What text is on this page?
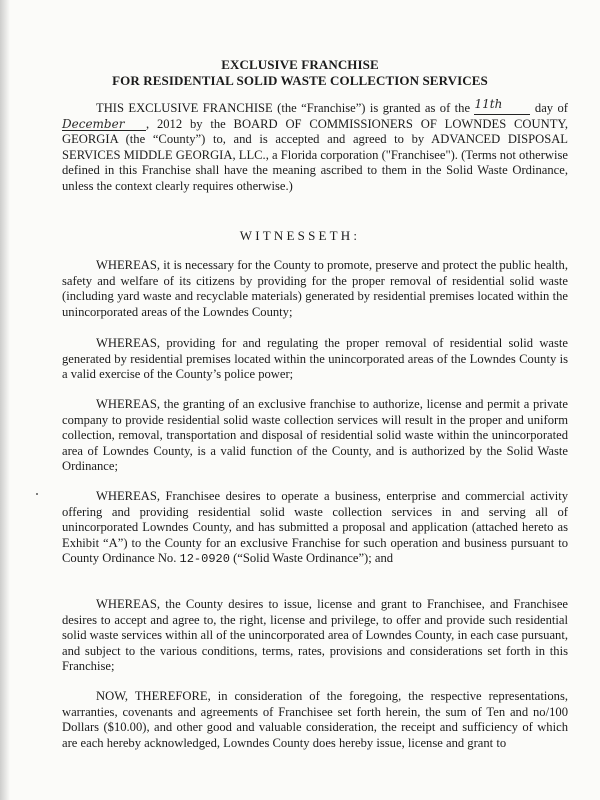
EXCLUSIVE FRANCHISE
FOR RESIDENTIAL SOLID WASTE COLLECTION SERVICES

THIS EXCLUSIVE FRANCHISE (the “Franchise”) is granted as of the 11th day of December , 2012 by the BOARD OF COMMISSIONERS OF LOWNDES COUNTY, GEORGIA (the “County”) to, and is accepted and agreed to by ADVANCED DISPOSAL SERVICES MIDDLE GEORGIA, LLC., a Florida corporation ("Franchisee"). (Terms not otherwise defined in this Franchise shall have the meaning ascribed to them in the Solid Waste Ordinance, unless the context clearly requires otherwise.)

WITNESSETH:

WHEREAS, it is necessary for the County to promote, preserve and protect the public health, safety and welfare of its citizens by providing for the proper removal of residential solid waste (including yard waste and recyclable materials) generated by residential premises located within the unincorporated areas of the Lowndes County;

WHEREAS, providing for and regulating the proper removal of residential solid waste generated by residential premises located within the unincorporated areas of the Lowndes County is a valid exercise of the County’s police power;

WHEREAS, the granting of an exclusive franchise to authorize, license and permit a private company to provide residential solid waste collection services will result in the proper and uniform collection, removal, transportation and disposal of residential solid waste within the unincorporated area of Lowndes County, is a valid function of the County, and is authorized by the Solid Waste Ordinance;

WHEREAS, Franchisee desires to operate a business, enterprise and commercial activity offering and providing residential solid waste collection services in and serving all of unincorporated Lowndes County, and has submitted a proposal and application (attached hereto as Exhibit “A”) to the County for an exclusive Franchise for such operation and business pursuant to County Ordinance No. 12-0920 (“Solid Waste Ordinance”); and

WHEREAS, the County desires to issue, license and grant to Franchisee, and Franchisee desires to accept and agree to, the right, license and privilege, to offer and provide such residential solid waste services within all of the unincorporated area of Lowndes County, in each case pursuant, and subject to the various conditions, terms, rates, provisions and considerations set forth in this Franchise;

NOW, THEREFORE, in consideration of the foregoing, the respective representations, warranties, covenants and agreements of Franchisee set forth herein, the sum of Ten and no/100 Dollars ($10.00), and other good and valuable consideration, the receipt and sufficiency of which are each hereby acknowledged, Lowndes County does hereby issue, license and grant to
